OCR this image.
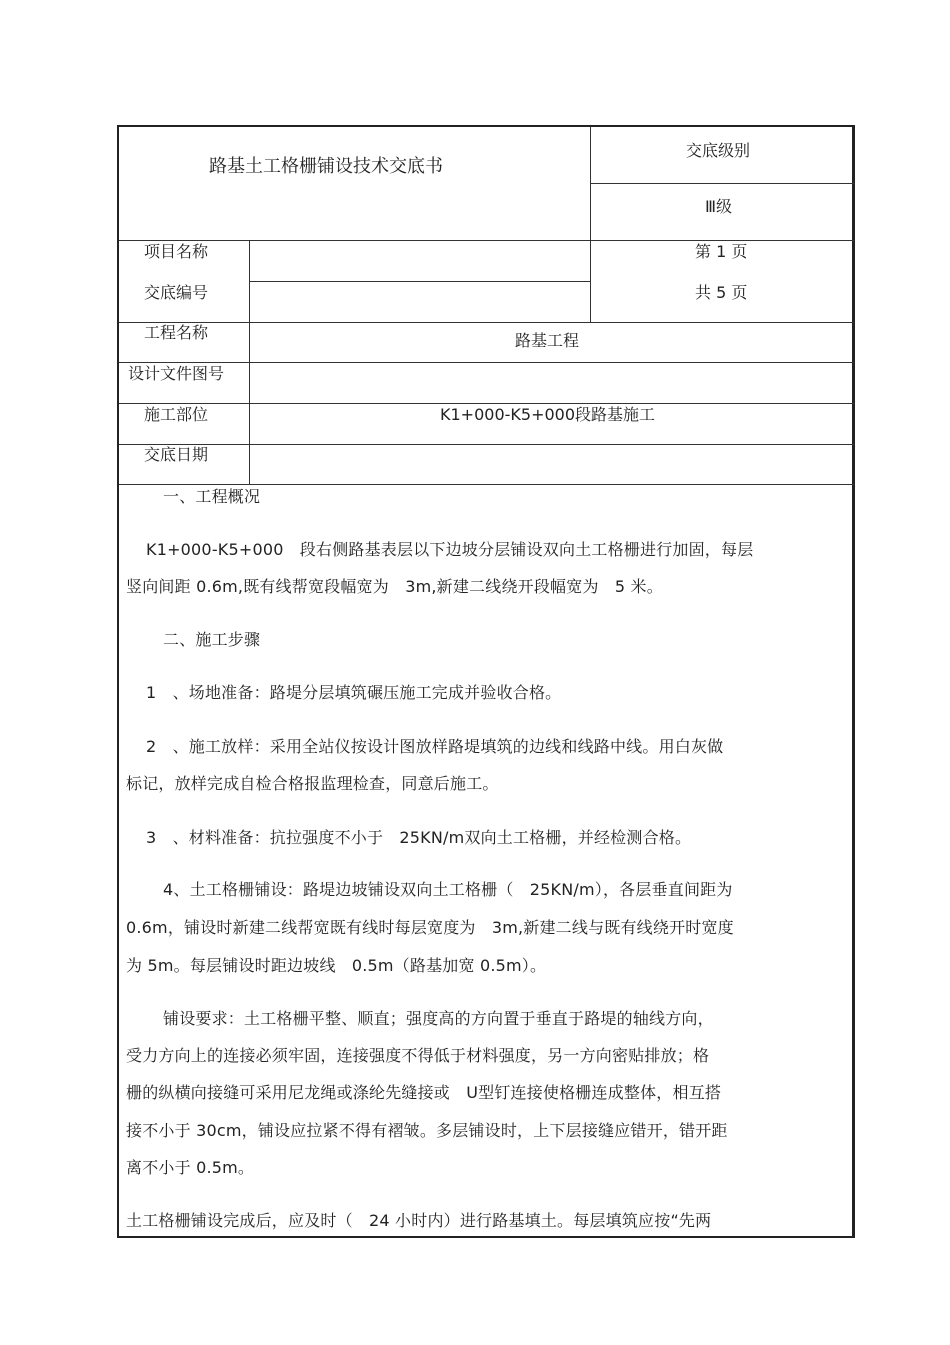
路基土工格栅铺设技术交底书
交底级别
Ⅲ级
第 1 页
共 5 页
项目名称
交底编号
工程名称
设计文件图号
施工部位
交底日期
路基工程
K1+000-K5+000段路基施工
一、工程概况
K1+000-K5+000　段右侧路基表层以下边坡分层铺设双向土工格栅进行加固，每层
竖向间距 0.6m,既有线帮宽段幅宽为　3m,新建二线绕开段幅宽为　5 米。
二、施工步骤
1　、场地准备：路堤分层填筑碾压施工完成并验收合格。
2　、施工放样：采用全站仪按设计图放样路堤填筑的边线和线路中线。用白灰做
标记，放样完成自检合格报监理检查，同意后施工。
3　、材料准备：抗拉强度不小于　25KN/m双向土工格栅，并经检测合格。
4、土工格栅铺设：路堤边坡铺设双向土工格栅（　25KN/m），各层垂直间距为
0.6m，铺设时新建二线帮宽既有线时每层宽度为　3m,新建二线与既有线绕开时宽度
为 5m。每层铺设时距边坡线　0.5m（路基加宽 0.5m）。
铺设要求：土工格栅平整、顺直；强度高的方向置于垂直于路堤的轴线方向，
受力方向上的连接必须牢固，连接强度不得低于材料强度，另一方向密贴排放；格
栅的纵横向接缝可采用尼龙绳或涤纶先缝接或　U型钉连接使格栅连成整体，相互搭
接不小于 30cm，铺设应拉紧不得有褶皱。多层铺设时，上下层接缝应错开，错开距
离不小于 0.5m。
土工格栅铺设完成后，应及时（　24 小时内）进行路基填土。每层填筑应按“先两
